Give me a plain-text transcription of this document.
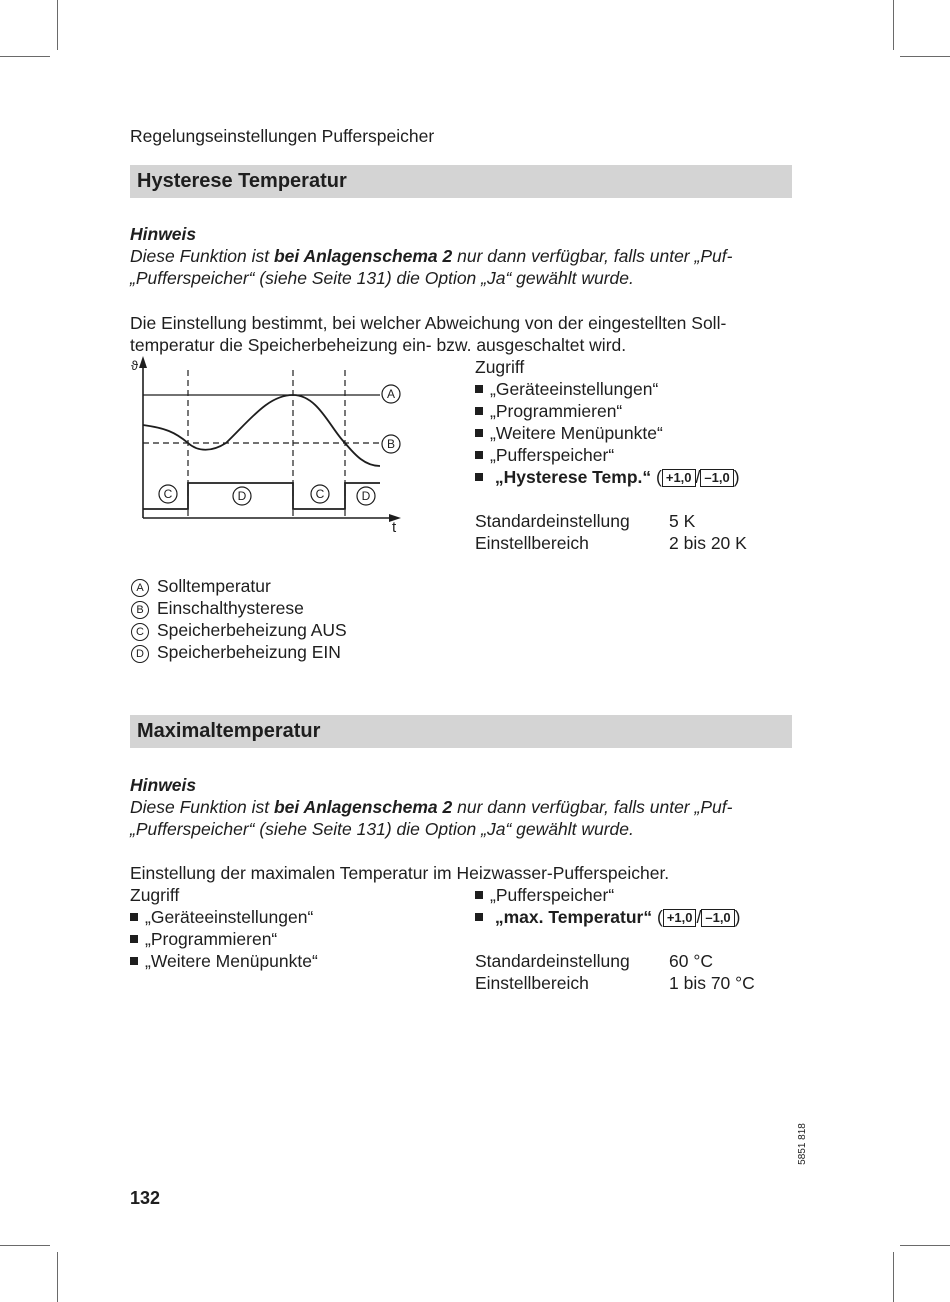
Regelungseinstellungen Pufferspeicher
Hysterese Temperatur
Hinweis
Diese Funktion ist bei Anlagenschema 2 nur dann verfügbar, falls unter „Puf-
„Pufferspeicher“ (siehe Seite 131) die Option „Ja“ gewählt wurde.
Die Einstellung bestimmt, bei welcher Abweichung von der eingestellten Soll-
temperatur die Speicherbeheizung ein- bzw. ausgeschaltet wird.
ϑ
t
A
B
C	D	C	D
Zugriff
„Geräteeinstellungen“
„Programmieren“
„Weitere Menüpunkte“
„Pufferspeicher“
„Hysterese Temp.“ ( +1,0 / –1,0 )
Standardeinstellung 5 K
Einstellbereich	2 bis 20 K
A Solltemperatur
B Einschalthysterese
C Speicherbeheizung AUS
D Speicherbeheizung EIN
Maximaltemperatur
Hinweis
Diese Funktion ist bei Anlagenschema 2 nur dann verfügbar, falls unter „Puf-
„Pufferspeicher“ (siehe Seite 131) die Option „Ja“ gewählt wurde.
Einstellung der maximalen Temperatur im Heizwasser-Pufferspeicher.
Zugriff
„Geräteeinstellungen“
„Programmieren“
„Weitere Menüpunkte“
„Pufferspeicher“
„max. Temperatur“ ( +1,0 / –1,0 )
Standardeinstellung 60 °C
Einstellbereich	1 bis 70 °C
5851 818
132
